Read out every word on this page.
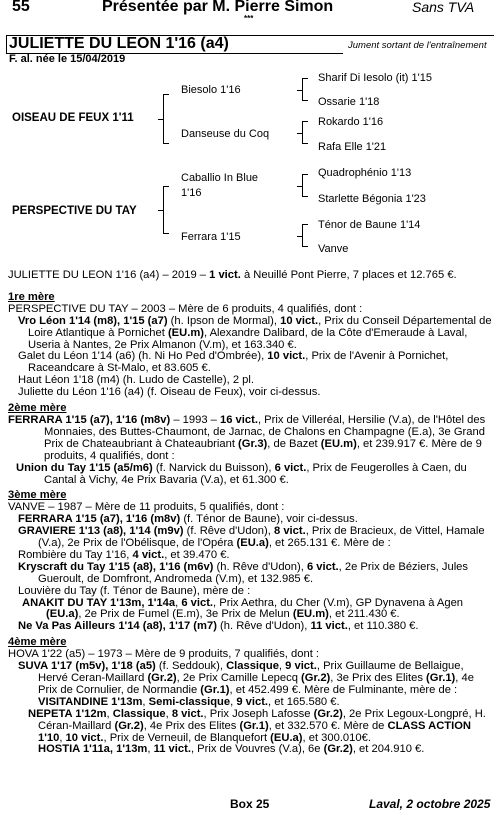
55	Présentée par M. Pierre Simon	Sans TVA
***
JULIETTE DU LEON 1'16 (a4)	Jument sortant de l'entraînement
F. al. née le 15/04/2019
OISEAU DE FEUX 1'11
PERSPECTIVE DU TAY
Biesolo 1'16
Danseuse du Coq
Caballio In Blue
1'16
Ferrara 1'15
Sharif Di Iesolo (it) 1'15
Ossarie 1'18
Rokardo 1'16
Rafa Elle 1'21
Quadrophénio 1'13
Starlette Bégonia 1'23
Ténor de Baune 1'14
Vanve

JULIETTE DU LEON 1'16 (a4) – 2019 – 1 vict. à Neuillé Pont Pierre, 7 places et 12.765 €.

1re mère

PERSPECTIVE DU TAY – 2003 – Mère de 6 produits, 4 qualifiés, dont :

Vro Léon 1'14 (m8), 1'15 (a7) (h. Ipson de Mormal), 10 vict., Prix du Conseil Départemental de Loire Atlantique à Pornichet (EU.m), Alexandre Dalibard, de la Côte d'Emeraude à Laval, Useria à Nantes, 2e Prix Almanon (V.m), et 163.340 €.

Galet du Léon 1'14 (a6) (h. Ni Ho Ped d'Ombrée), 10 vict., Prix de l'Avenir à Pornichet, Raceandcare à St-Malo, et 83.605 €.

Haut Léon 1'18 (m4) (h. Ludo de Castelle), 2 pl.

Juliette du Léon 1'16 (a4) (f. Oiseau de Feux), voir ci-dessus.

2ème mère

FERRARA 1'15 (a7), 1'16 (m8v) – 1993 – 16 vict., Prix de Villeréal, Hersilie (V.a), de l'Hôtel des Monnaies, des Buttes-Chaumont, de Jarnac, de Chalons en Champagne (E.a), 3e Grand Prix de Chateaubriant à Chateaubriant (Gr.3), de Bazet (EU.m), et 239.917 €. Mère de 9 produits, 4 qualifiés, dont :

Union du Tay 1'15 (a5/m6) (f. Narvick du Buisson), 6 vict., Prix de Feugerolles à Caen, du Cantal à Vichy, 4e Prix Bavaria (V.a), et 61.300 €.

3ème mère

VANVE – 1987 – Mère de 11 produits, 5 qualifiés, dont :

FERRARA 1'15 (a7), 1'16 (m8v) (f. Ténor de Baune), voir ci-dessus.

GRAVIERE 1'13 (a8), 1'14 (m9v) (f. Rêve d'Udon), 8 vict., Prix de Bracieux, de Vittel, Hamale (V.a), 2e Prix de l'Obélisque, de l'Opéra (EU.a), et 265.131 €. Mère de :

Rombière du Tay 1'16, 4 vict., et 39.470 €.

Kryscraft du Tay 1'15 (a8), 1'16 (m6v) (h. Rêve d'Udon), 6 vict., 2e Prix de Béziers, Jules Gueroult, de Domfront, Andromeda (V.m), et 132.985 €.

Louvière du Tay (f. Ténor de Baune), mère de :

ANAKIT DU TAY 1'13m, 1'14a, 6 vict., Prix Aethra, du Cher (V.m), GP Dynavena à Agen (EU.a), 2e Prix de Fumel (E.m), 3e Prix de Melun (EU.m), et 211.430 €.

Ne Va Pas Ailleurs 1'14 (a8), 1'17 (m7) (h. Rêve d'Udon), 11 vict., et 110.380 €.

4ème mère

HOVA 1'22 (a5) – 1973 – Mère de 9 produits, 7 qualifiés, dont :

SUVA 1'17 (m5v), 1'18 (a5) (f. Seddouk), Classique, 9 vict., Prix Guillaume de Bellaigue, Hervé Ceran-Maillard (Gr.2), 2e Prix Camille Lepecq (Gr.2), 3e Prix des Elites (Gr.1), 4e Prix de Cornulier, de Normandie (Gr.1), et 452.499 €. Mère de Fulminante, mère de : VISITANDINE 1'13m, Semi-classique, 9 vict., et 165.580 €.

NEPETA 1'12m, Classique, 8 vict., Prix Joseph Lafosse (Gr.2), 2e Prix Legoux-Longpré, H. Céran-Maillard (Gr.2), 4e Prix des Elites (Gr.1), et 332.570 €. Mère de CLASS ACTION 1'10, 10 vict., Prix de Verneuil, de Blanquefort (EU.a), et 300.010€.

HOSTIA 1'11a, 1'13m, 11 vict., Prix de Vouvres (V.a), 6e (Gr.2), et 204.910 €.

Box 25	Laval, 2 octobre 2025
